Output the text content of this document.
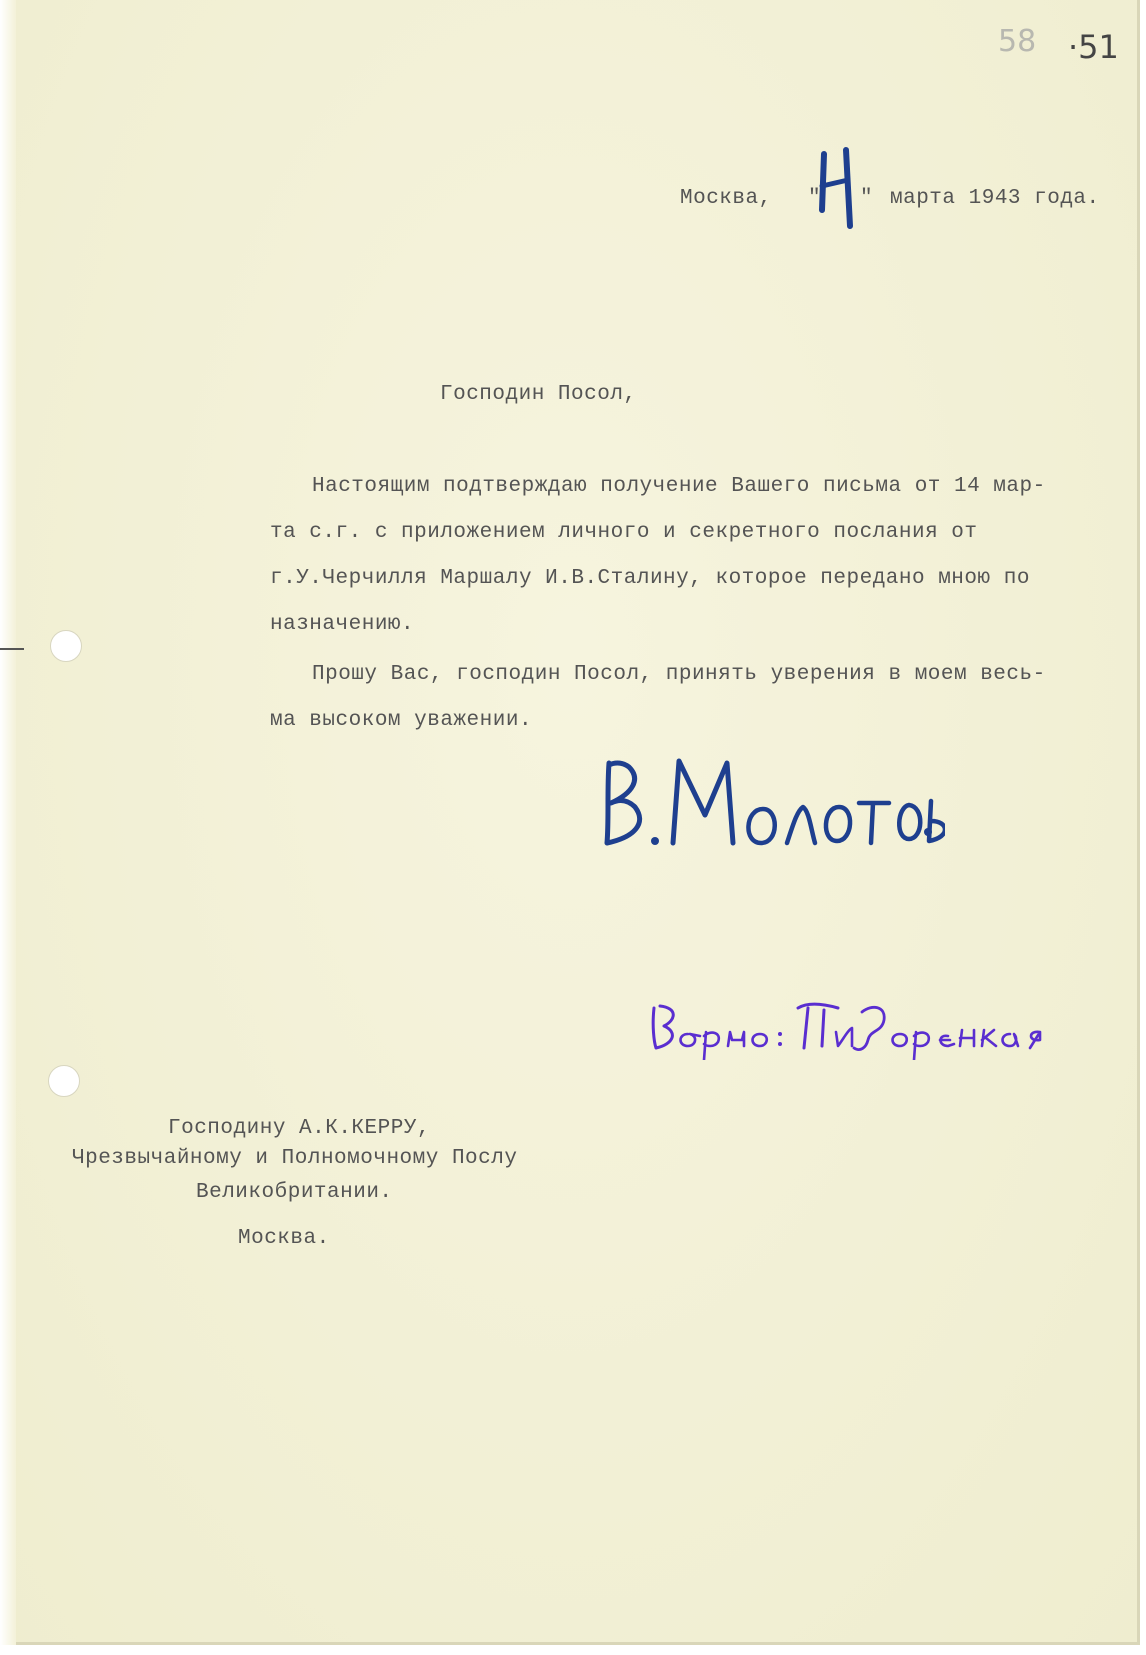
58 ·51
Москва, " " марта 1943 года.
Господин Посол,
Настоящим подтверждаю получение Вашего письма от 14 мар-
та с.г. с приложением личного и секретного послания от
г.У.Черчилля Маршалу И.В.Сталину, которое передано мною по
назначению.
Прошу Вас, господин Посол, принять уверения в моем весь-
ма высоком уважении.
Господину А.К.КЕРРУ,
Чрезвычайному и Полномочному Послу
Великобритании.
Москва.
